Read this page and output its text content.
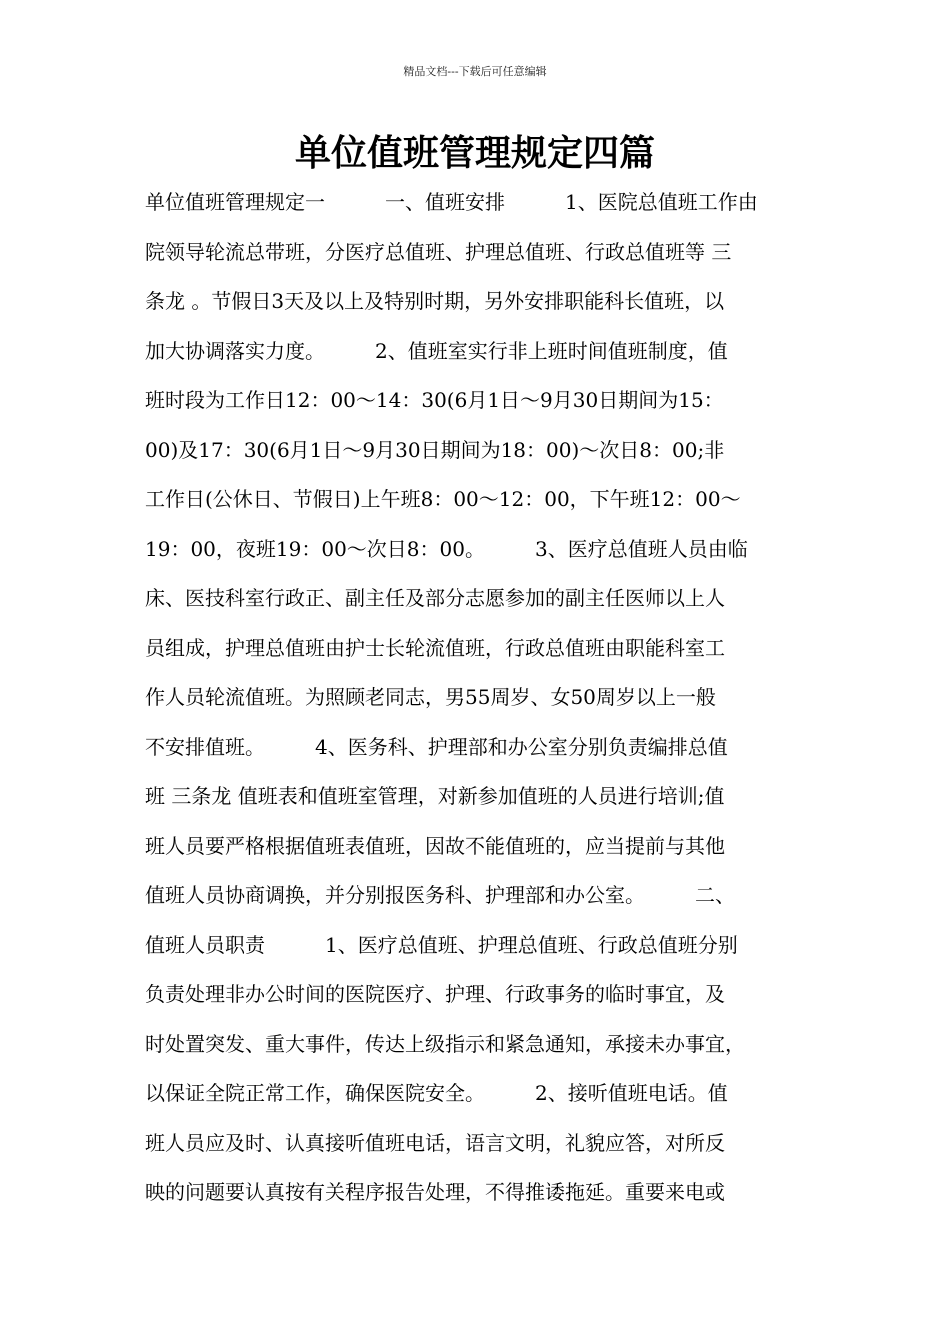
精品文档---下载后可任意编辑
单位值班管理规定四篇
单位值班管理规定一　　　一、值班安排　　　1、医院总值班工作由
院领导轮流总带班，分医疗总值班、护理总值班、行政总值班等 三
条龙 。节假日3天及以上及特别时期，另外安排职能科长值班，以
加大协调落实力度。　　　2、值班室实行非上班时间值班制度，值
班时段为工作日12：00～14：30(6月1日～9月30日期间为15：
00)及17：30(6月1日～9月30日期间为18：00)～次日8：00;非
工作日(公休日、节假日)上午班8：00～12：00，下午班12：00～
19：00，夜班19：00～次日8：00。　　　3、医疗总值班人员由临
床、医技科室行政正、副主任及部分志愿参加的副主任医师以上人
员组成，护理总值班由护士长轮流值班，行政总值班由职能科室工
作人员轮流值班。为照顾老同志，男55周岁、女50周岁以上一般
不安排值班。　　　4、医务科、护理部和办公室分别负责编排总值
班 三条龙 值班表和值班室管理，对新参加值班的人员进行培训;值
班人员要严格根据值班表值班，因故不能值班的，应当提前与其他
值班人员协商调换，并分别报医务科、护理部和办公室。　　　二、
值班人员职责　　　1、医疗总值班、护理总值班、行政总值班分别
负责处理非办公时间的医院医疗、护理、行政事务的临时事宜，及
时处置突发、重大事件，传达上级指示和紧急通知，承接未办事宜，
以保证全院正常工作，确保医院安全。　　　2、接听值班电话。值
班人员应及时、认真接听值班电话，语言文明，礼貌应答，对所反
映的问题要认真按有关程序报告处理，不得推诿拖延。重要来电或
